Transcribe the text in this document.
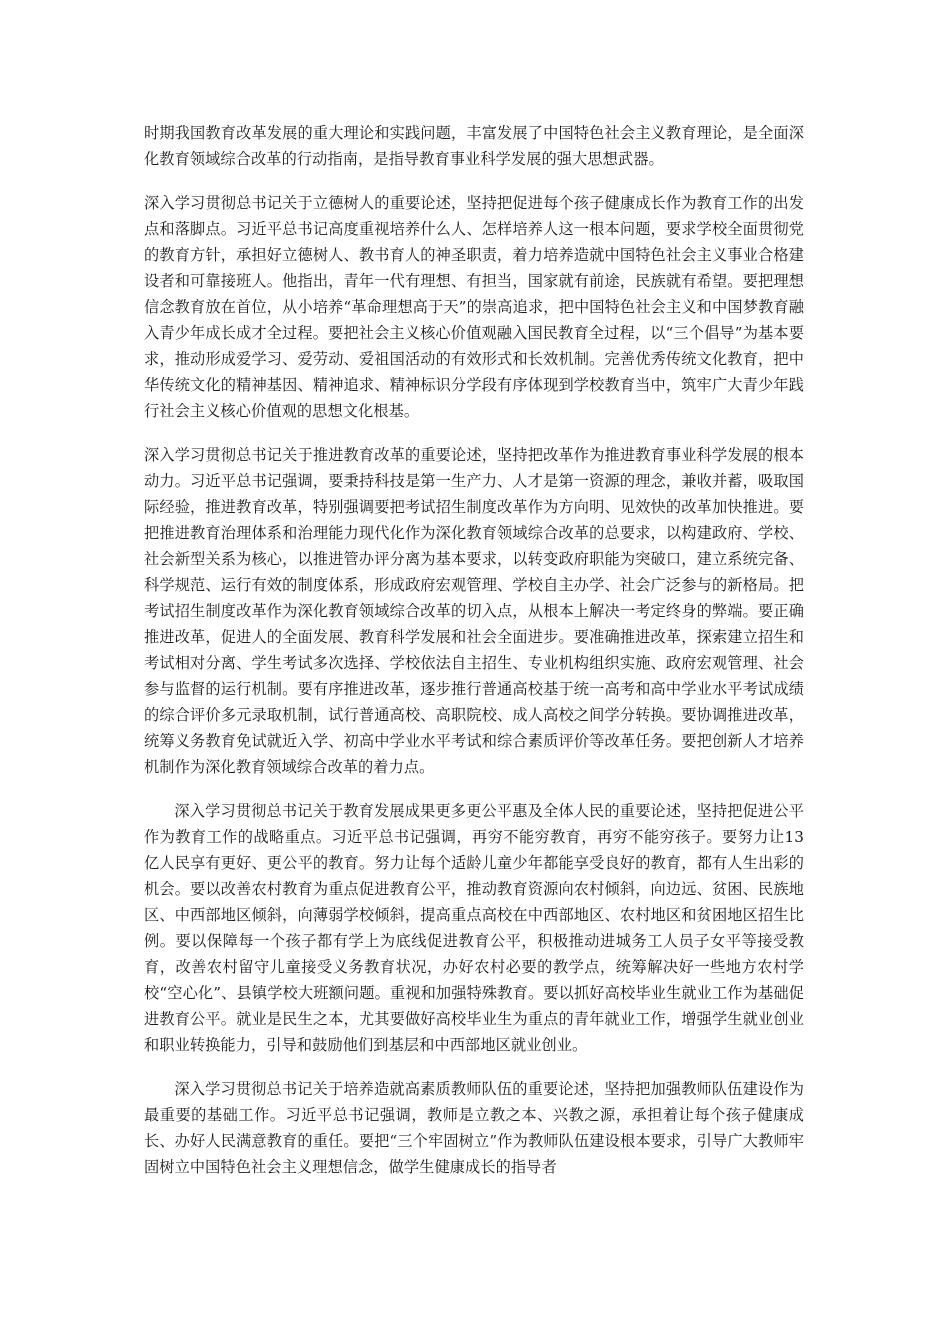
时期我国教育改革发展的重大理论和实践问题，丰富发展了中国特色社会主义教育理论，是全面深化教育领域综合改革的行动指南，是指导教育事业科学发展的强大思想武器。

深入学习贯彻总书记关于立德树人的重要论述，坚持把促进每个孩子健康成长作为教育工作的出发点和落脚点。习近平总书记高度重视培养什么人、怎样培养人这一根本问题，要求学校全面贯彻党的教育方针，承担好立德树人、教书育人的神圣职责，着力培养造就中国特色社会主义事业合格建设者和可靠接班人。他指出，青年一代有理想、有担当，国家就有前途，民族就有希望。要把理想信念教育放在首位，从小培养“革命理想高于天”的崇高追求，把中国特色社会主义和中国梦教育融入青少年成长成才全过程。要把社会主义核心价值观融入国民教育全过程，以“三个倡导”为基本要求，推动形成爱学习、爱劳动、爱祖国活动的有效形式和长效机制。完善优秀传统文化教育，把中华传统文化的精神基因、精神追求、精神标识分学段有序体现到学校教育当中，筑牢广大青少年践行社会主义核心价值观的思想文化根基。

深入学习贯彻总书记关于推进教育改革的重要论述，坚持把改革作为推进教育事业科学发展的根本动力。习近平总书记强调，要秉持科技是第一生产力、人才是第一资源的理念，兼收并蓄，吸取国际经验，推进教育改革，特别强调要把考试招生制度改革作为方向明、见效快的改革加快推进。要把推进教育治理体系和治理能力现代化作为深化教育领域综合改革的总要求，以构建政府、学校、社会新型关系为核心，以推进管办评分离为基本要求，以转变政府职能为突破口，建立系统完备、科学规范、运行有效的制度体系，形成政府宏观管理、学校自主办学、社会广泛参与的新格局。把考试招生制度改革作为深化教育领域综合改革的切入点，从根本上解决一考定终身的弊端。要正确推进改革，促进人的全面发展、教育科学发展和社会全面进步。要准确推进改革，探索建立招生和考试相对分离、学生考试多次选择、学校依法自主招生、专业机构组织实施、政府宏观管理、社会参与监督的运行机制。要有序推进改革，逐步推行普通高校基于统一高考和高中学业水平考试成绩的综合评价多元录取机制，试行普通高校、高职院校、成人高校之间学分转换。要协调推进改革，统筹义务教育免试就近入学、初高中学业水平考试和综合素质评价等改革任务。要把创新人才培养机制作为深化教育领域综合改革的着力点。

深入学习贯彻总书记关于教育发展成果更多更公平惠及全体人民的重要论述，坚持把促进公平作为教育工作的战略重点。习近平总书记强调，再穷不能穷教育，再穷不能穷孩子。要努力让13亿人民享有更好、更公平的教育。努力让每个适龄儿童少年都能享受良好的教育，都有人生出彩的机会。要以改善农村教育为重点促进教育公平，推动教育资源向农村倾斜，向边远、贫困、民族地区、中西部地区倾斜，向薄弱学校倾斜，提高重点高校在中西部地区、农村地区和贫困地区招生比例。要以保障每一个孩子都有学上为底线促进教育公平，积极推动进城务工人员子女平等接受教育，改善农村留守儿童接受义务教育状况，办好农村必要的教学点，统筹解决好一些地方农村学校“空心化”、县镇学校大班额问题。重视和加强特殊教育。要以抓好高校毕业生就业工作为基础促进教育公平。就业是民生之本，尤其要做好高校毕业生为重点的青年就业工作，增强学生就业创业和职业转换能力，引导和鼓励他们到基层和中西部地区就业创业。

深入学习贯彻总书记关于培养造就高素质教师队伍的重要论述，坚持把加强教师队伍建设作为最重要的基础工作。习近平总书记强调，教师是立教之本、兴教之源，承担着让每个孩子健康成长、办好人民满意教育的重任。要把“三个牢固树立”作为教师队伍建设根本要求，引导广大教师牢固树立中国特色社会主义理想信念，做学生健康成长的指导者
